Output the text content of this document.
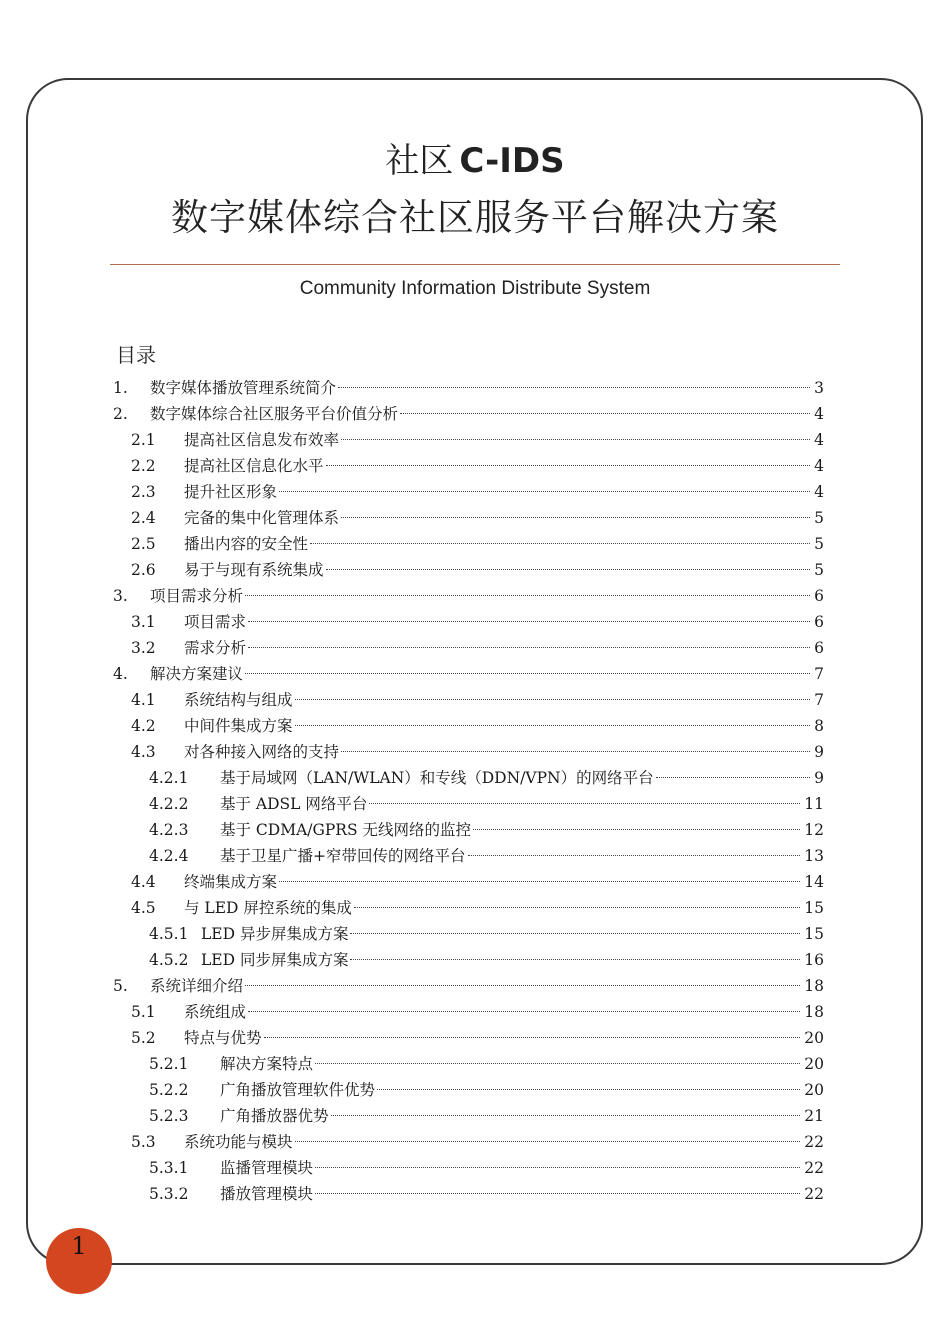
社区 C-IDS
数字媒体综合社区服务平台解决方案
Community Information Distribute System
目录
1.	数字媒体播放管理系统简介	3
2.	数字媒体综合社区服务平台价值分析	4
2.1	提高社区信息发布效率	4
2.2	提高社区信息化水平	4
2.3	提升社区形象	4
2.4	完备的集中化管理体系	5
2.5	播出内容的安全性	5
2.6	易于与现有系统集成	5
3.	项目需求分析	6
3.1	项目需求	6
3.2	需求分析	6
4.	解决方案建议	7
4.1	系统结构与组成	7
4.2	中间件集成方案	8
4.3	对各种接入网络的支持	9
4.2.1	基于局域网（LAN/WLAN）和专线（DDN/VPN）的网络平台	9
4.2.2	基于 ADSL 网络平台	11
4.2.3	基于 CDMA/GPRS 无线网络的监控	12
4.2.4	基于卫星广播+窄带回传的网络平台	13
4.4	终端集成方案	14
4.5	与 LED 屏控系统的集成	15
4.5.1 LED 异步屏集成方案	15
4.5.2 LED 同步屏集成方案	16
5.	系统详细介绍	18
5.1	系统组成	18
5.2	特点与优势	20
5.2.1	解决方案特点	20
5.2.2	广角播放管理软件优势	20
5.2.3	广角播放器优势	21
5.3	系统功能与模块	22
5.3.1	监播管理模块	22
5.3.2	播放管理模块	22
1
